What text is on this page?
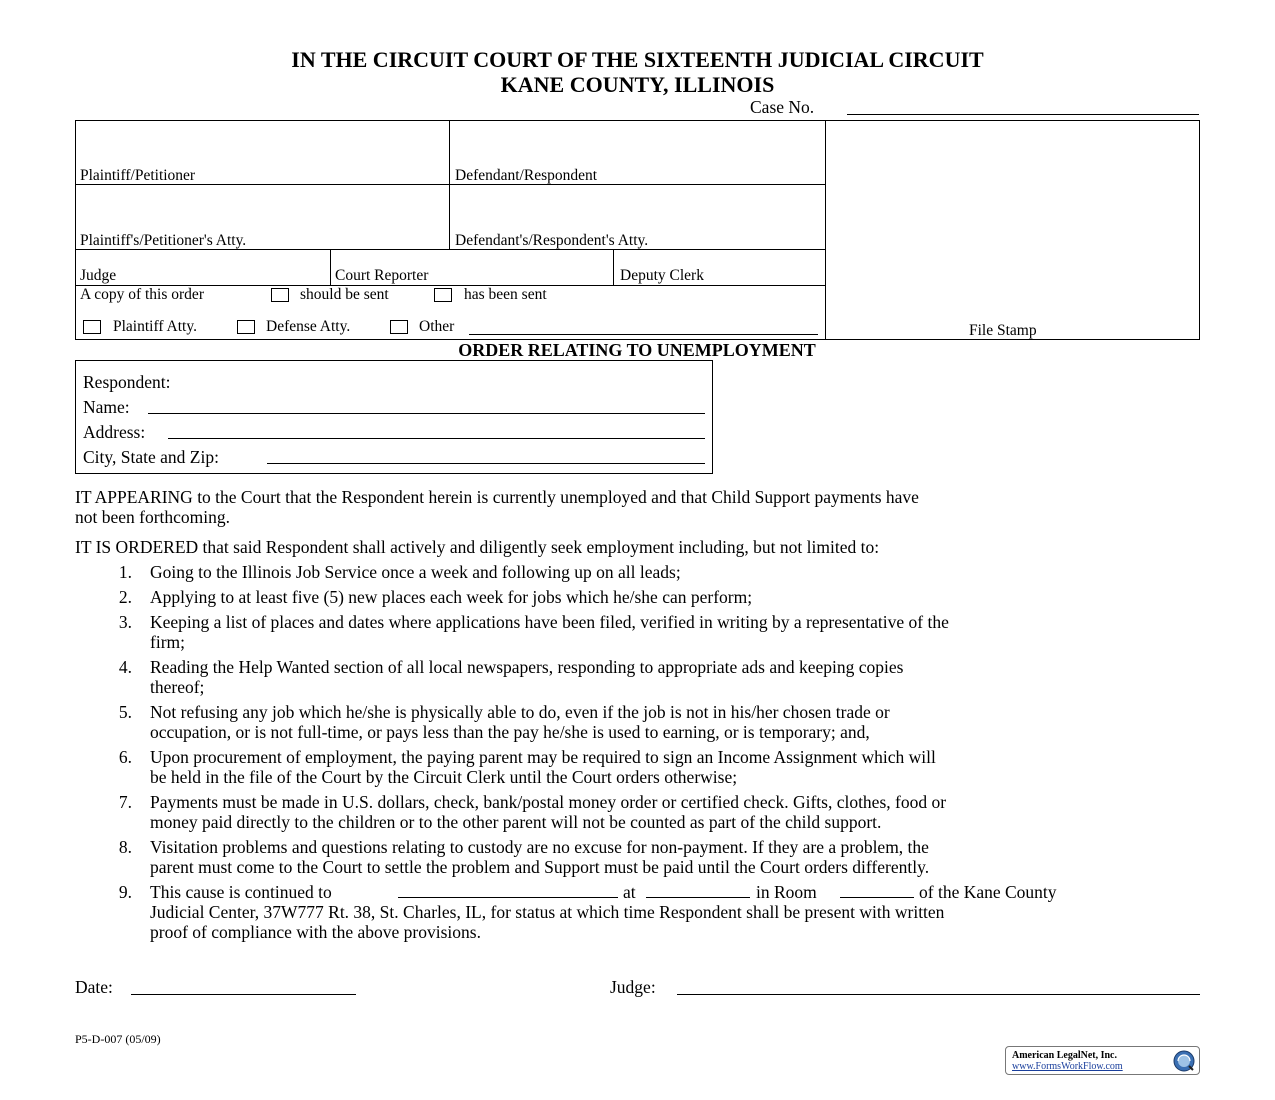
IN THE CIRCUIT COURT OF THE SIXTEENTH JUDICIAL CIRCUIT
KANE COUNTY, ILLINOIS
Case No.
Plaintiff/Petitioner	Defendant/Respondent
Plaintiff's/Petitioner's Atty.	Defendant's/Respondent's Atty.
Judge	Court Reporter	Deputy Clerk
A copy of this order	should be sent	has been sent
Plaintiff Atty.	Defense Atty.	Other	File Stamp
ORDER RELATING TO UNEMPLOYMENT
Respondent:
Name:
Address:
City, State and Zip:
IT APPEARING to the Court that the Respondent herein is currently unemployed and that Child Support payments have
not been forthcoming.
IT IS ORDERED that said Respondent shall actively and diligently seek employment including, but not limited to:
1. Going to the Illinois Job Service once a week and following up on all leads;
2. Applying to at least five (5) new places each week for jobs which he/she can perform;
3. Keeping a list of places and dates where applications have been filed, verified in writing by a representative of the
firm;
4. Reading the Help Wanted section of all local newspapers, responding to appropriate ads and keeping copies
thereof;
5. Not refusing any job which he/she is physically able to do, even if the job is not in his/her chosen trade or
occupation, or is not full-time, or pays less than the pay he/she is used to earning, or is temporary; and,
6. Upon procurement of employment, the paying parent may be required to sign an Income Assignment which will
be held in the file of the Court by the Circuit Clerk until the Court orders otherwise;
7. Payments must be made in U.S. dollars, check, bank/postal money order or certified check. Gifts, clothes, food or
money paid directly to the children or to the other parent will not be counted as part of the child support.
8. Visitation problems and questions relating to custody are no excuse for non-payment. If they are a problem, the
parent must come to the Court to settle the problem and Support must be paid until the Court orders differently.
9. This cause is continued to	at	in Room	of the Kane County
Judicial Center, 37W777 Rt. 38, St. Charles, IL, for status at which time Respondent shall be present with written
proof of compliance with the above provisions.
Date:	Judge:
P5-D-007 (05/09)
American LegalNet, Inc.
www.FormsWorkFlow.com
